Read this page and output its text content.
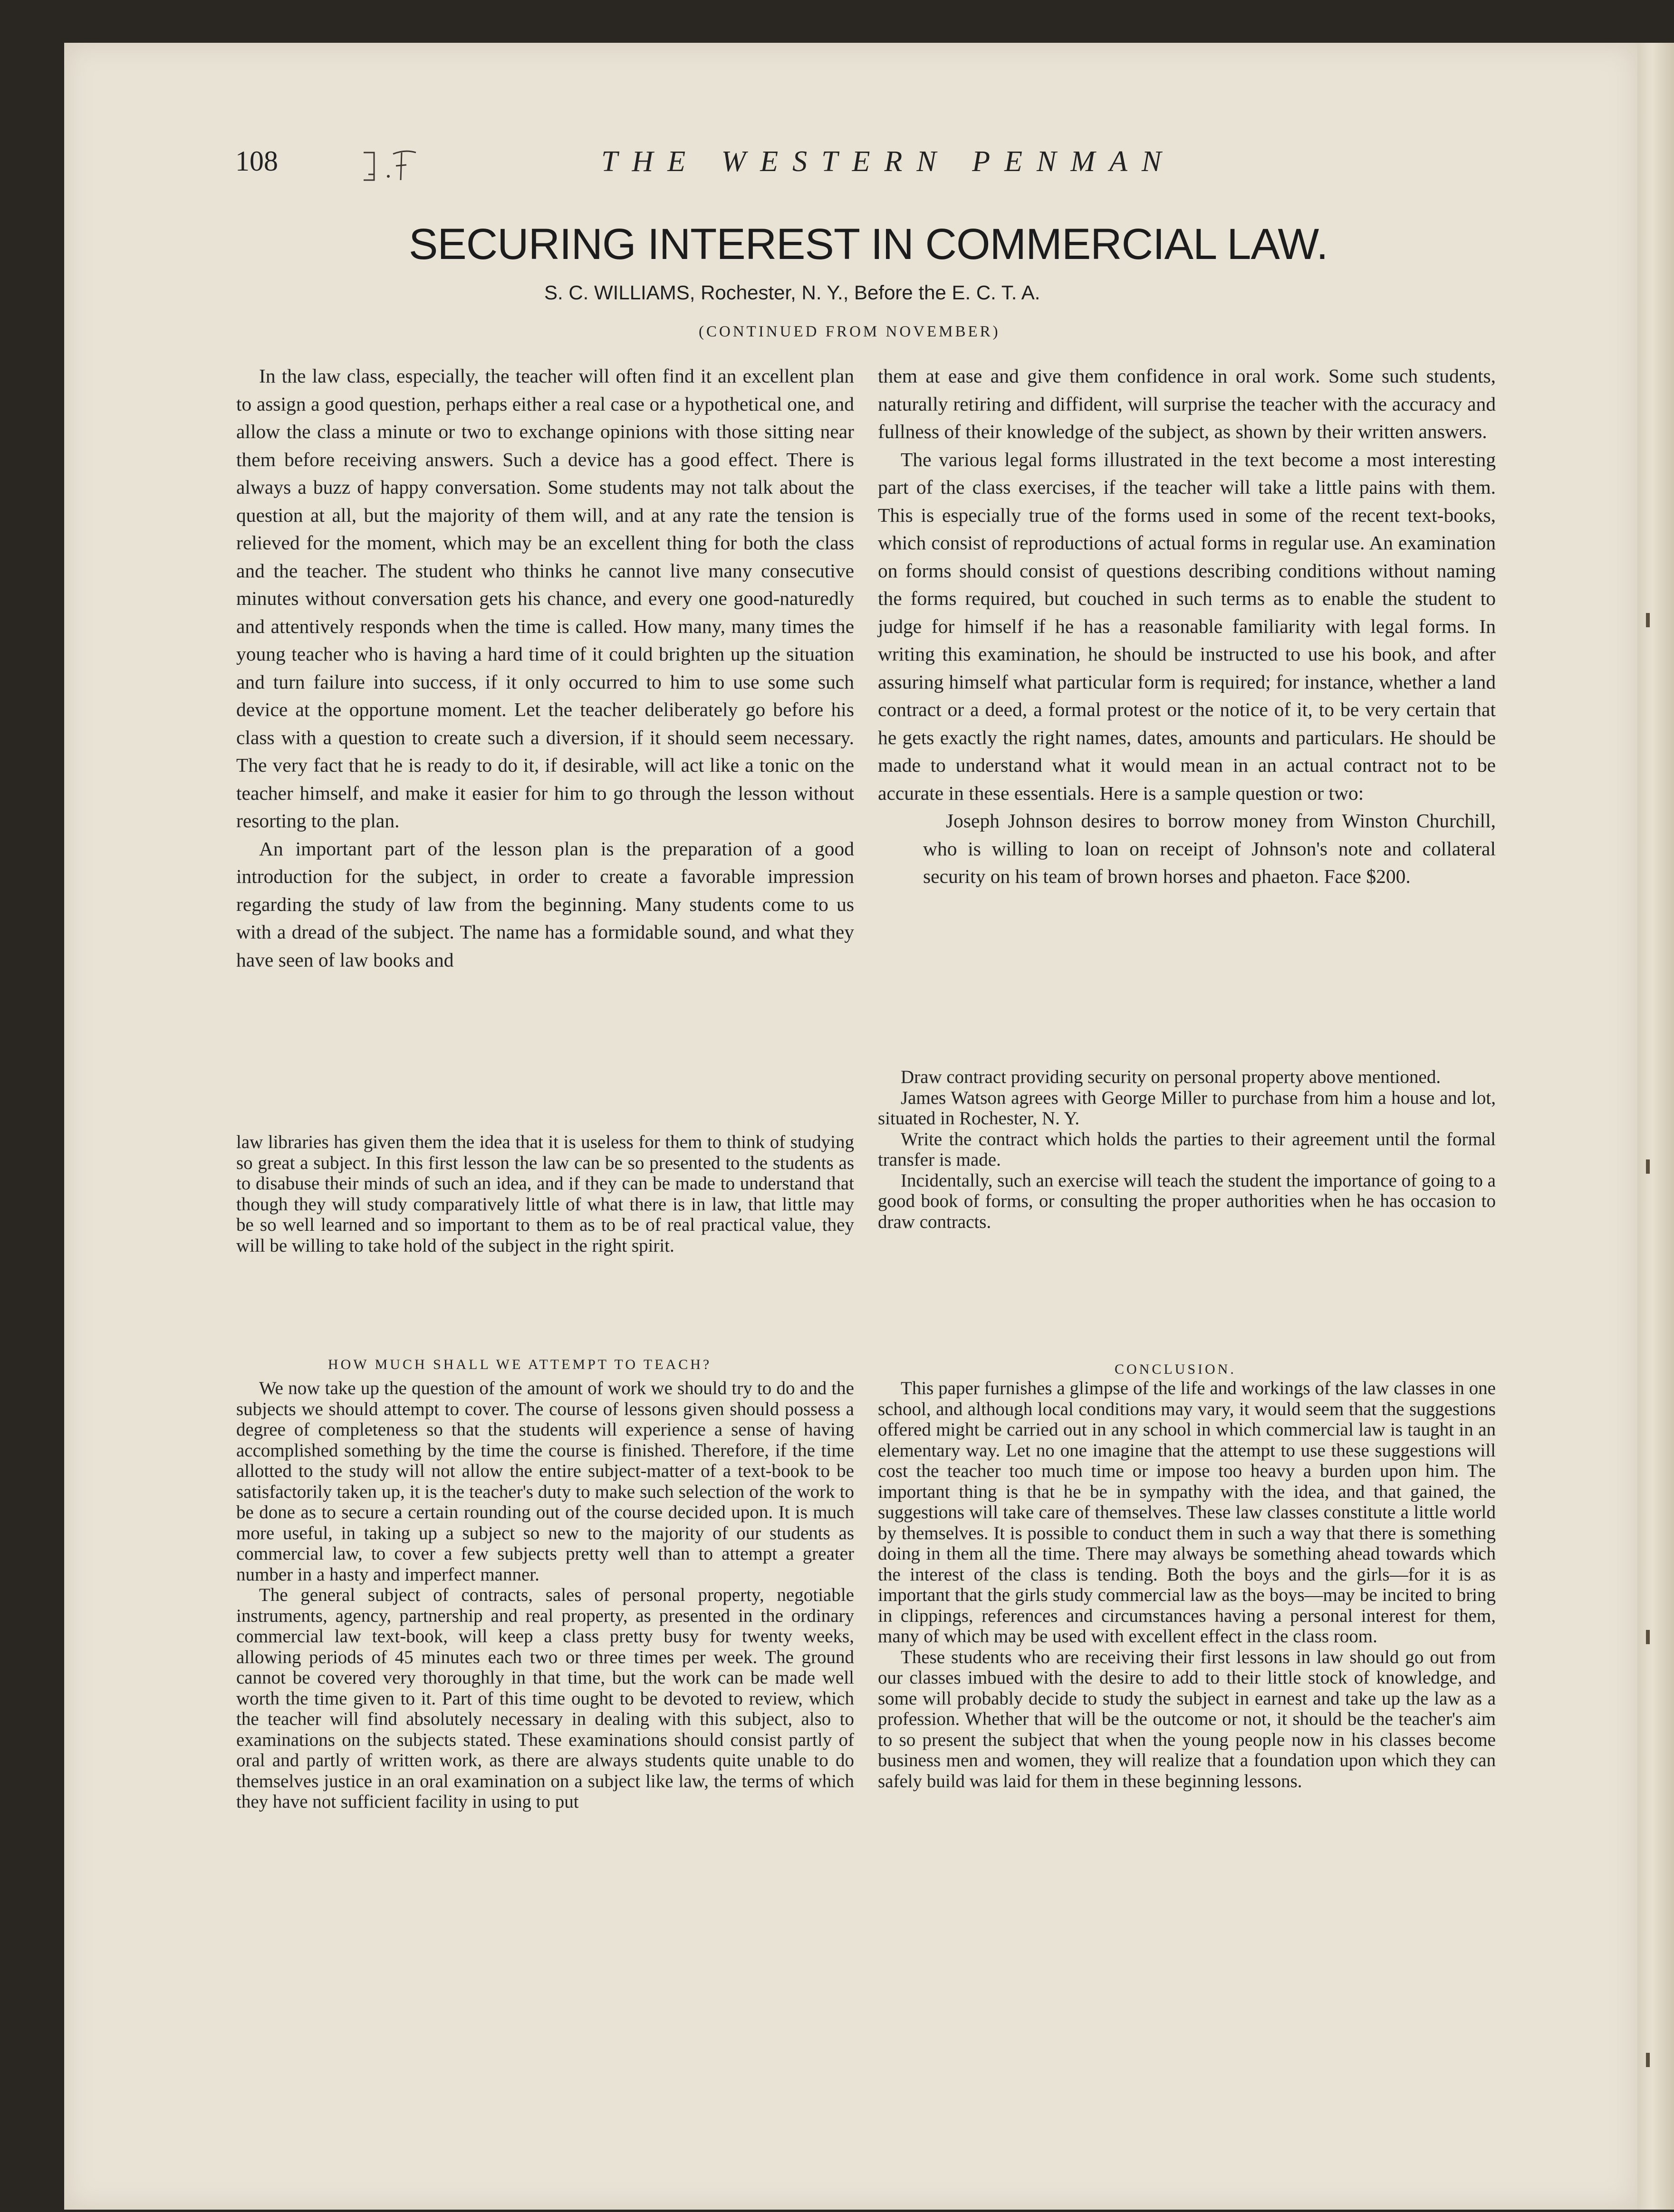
108	THE WESTERN PENMAN
SECURING INTEREST IN COMMERCIAL LAW.
S. C. WILLIAMS, Rochester, N. Y., Before the E. C. T. A.
(CONTINUED FROM NOVEMBER)

In the law class, especially, the teacher will often find it an excellent plan to assign a good question, perhaps either a real case or a hypothetical one, and allow the class a minute or two to exchange opinions with those sitting near them before receiving answers. Such a device has a good effect. There is always a buzz of happy conversation. Some students may not talk about the question at all, but the majority of them will, and at any rate the tension is relieved for the moment, which may be an excellent thing for both the class and the teacher. The student who thinks he cannot live many consecutive minutes without conversation gets his chance, and every one good-naturedly and attentively responds when the time is called. How many, many times the young teacher who is having a hard time of it could brighten up the situation and turn failure into success, if it only occurred to him to use some such device at the opportune moment. Let the teacher deliberately go before his class with a question to create such a diversion, if it should seem necessary. The very fact that he is ready to do it, if desirable, will act like a tonic on the teacher himself, and make it easier for him to go through the lesson without resorting to the plan.

An important part of the lesson plan is the preparation of a good introduction for the subject, in order to create a favorable impression regarding the study of law from the beginning. Many students come to us with a dread of the subject. The name has a formidable sound, and what they have seen of law books and

law libraries has given them the idea that it is useless for them to think of studying so great a subject. In this first lesson the law can be so presented to the students as to disabuse their minds of such an idea, and if they can be made to understand that though they will study comparatively little of what there is in law, that little may be so well learned and so important to them as to be of real practical value, they will be willing to take hold of the subject in the right spirit.

HOW MUCH SHALL WE ATTEMPT TO TEACH?

We now take up the question of the amount of work we should try to do and the subjects we should attempt to cover. The course of lessons given should possess a degree of completeness so that the students will experience a sense of having accomplished something by the time the course is finished. Therefore, if the time allotted to the study will not allow the entire subject-matter of a text-book to be satisfactorily taken up, it is the teacher's duty to make such selection of the work to be done as to secure a certain rounding out of the course decided upon. It is much more useful, in taking up a subject so new to the majority of our students as commercial law, to cover a few subjects pretty well than to attempt a greater number in a hasty and imperfect manner.

The general subject of contracts, sales of personal property, negotiable instruments, agency, partnership and real property, as presented in the ordinary commercial law text-book, will keep a class pretty busy for twenty weeks, allowing periods of 45 minutes each two or three times per week. The ground cannot be covered very thoroughly in that time, but the work can be made well worth the time given to it. Part of this time ought to be devoted to review, which the teacher will find absolutely necessary in dealing with this subject, also to examinations on the subjects stated. These examinations should consist partly of oral and partly of written work, as there are always students quite unable to do themselves justice in an oral examination on a subject like law, the terms of which they have not sufficient facility in using to put

them at ease and give them confidence in oral work. Some such students, naturally retiring and diffident, will surprise the teacher with the accuracy and fullness of their knowledge of the subject, as shown by their written answers.

The various legal forms illustrated in the text become a most interesting part of the class exercises, if the teacher will take a little pains with them. This is especially true of the forms used in some of the recent text-books, which consist of reproductions of actual forms in regular use. An examination on forms should consist of questions describing conditions without naming the forms required, but couched in such terms as to enable the student to judge for himself if he has a reasonable familiarity with legal forms. In writing this examination, he should be instructed to use his book, and after assuring himself what particular form is required; for instance, whether a land contract or a deed, a formal protest or the notice of it, to be very certain that he gets exactly the right names, dates, amounts and particulars. He should be made to understand what it would mean in an actual contract not to be accurate in these essentials. Here is a sample question or two:

Joseph Johnson desires to borrow money from Winston Churchill, who is willing to loan on receipt of Johnson's note and collateral security on his team of brown horses and phaeton. Face $200.

Draw contract providing security on personal property above mentioned.

James Watson agrees with George Miller to purchase from him a house and lot, situated in Rochester, N. Y.

Write the contract which holds the parties to their agreement until the formal transfer is made.

Incidentally, such an exercise will teach the student the importance of going to a good book of forms, or consulting the proper authorities when he has occasion to draw contracts.

CONCLUSION.

This paper furnishes a glimpse of the life and workings of the law classes in one school, and although local conditions may vary, it would seem that the suggestions offered might be carried out in any school in which commercial law is taught in an elementary way. Let no one imagine that the attempt to use these suggestions will cost the teacher too much time or impose too heavy a burden upon him. The important thing is that he be in sympathy with the idea, and that gained, the suggestions will take care of themselves. These law classes constitute a little world by themselves. It is possible to conduct them in such a way that there is something doing in them all the time. There may always be something ahead towards which the interest of the class is tending. Both the boys and the girls—for it is as important that the girls study commercial law as the boys—may be incited to bring in clippings, references and circumstances having a personal interest for them, many of which may be used with excellent effect in the class room.

These students who are receiving their first lessons in law should go out from our classes imbued with the desire to add to their little stock of knowledge, and some will probably decide to study the subject in earnest and take up the law as a profession. Whether that will be the outcome or not, it should be the teacher's aim to so present the subject that when the young people now in his classes become business men and women, they will realize that a foundation upon which they can safely build was laid for them in these beginning lessons.
